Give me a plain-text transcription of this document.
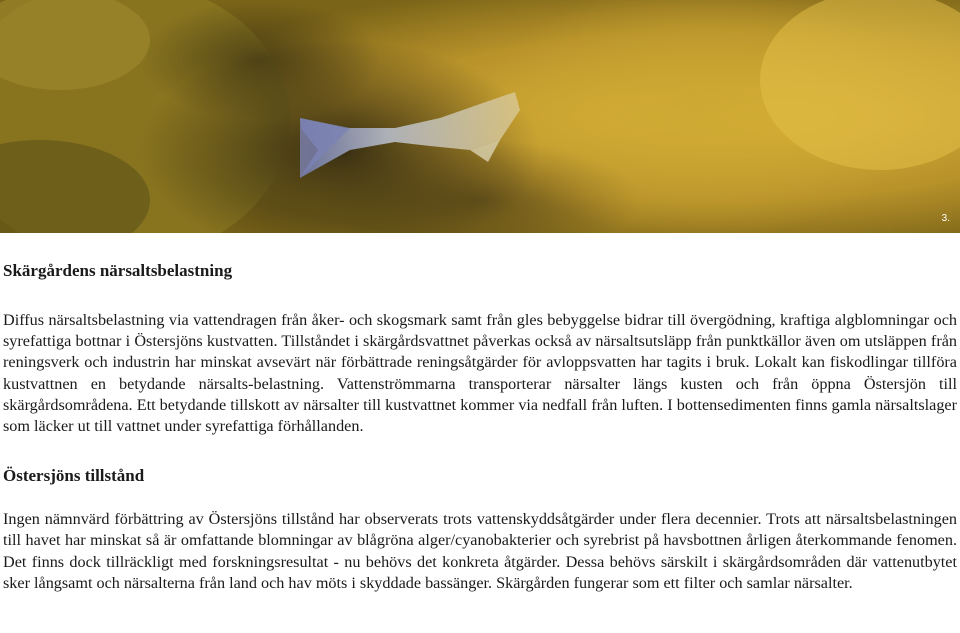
3.
Skärgårdens närsaltsbelastning

Diffus närsaltsbelastning via vattendragen från åker- och skogsmark samt från gles bebyggelse bidrar till övergödning, kraftiga algblomningar och syrefattiga bottnar i Östersjöns kustvatten. Tillståndet i skärgårdsvattnet påverkas också av närsaltsutsläpp från punktkällor även om utsläppen från reningsverk och industrin har minskat avsevärt när förbättrade reningsåtgärder för avloppsvatten har tagits i bruk. Lokalt kan fiskodlingar tillföra kustvattnen en betydande närsalts-belastning. Vattenströmmarna transporterar närsalter längs kusten och från öppna Östersjön till skärgårdsområdena. Ett betydande tillskott av närsalter till kustvattnet kommer via nedfall från luften. I bottensedimenten finns gamla närsaltslager som läcker ut till vattnet under syrefattiga förhållanden.

Östersjöns tillstånd

Ingen nämnvärd förbättring av Östersjöns tillstånd har observerats trots vattenskyddsåtgärder under flera decennier. Trots att närsaltsbelastningen till havet har minskat så är omfattande blomningar av blågröna alger/cyanobakterier och syrebrist på havsbottnen årligen återkommande fenomen. Det finns dock tillräckligt med forskningsresultat - nu behövs det konkreta åtgärder. Dessa behövs särskilt i skärgårdsområden där vattenutbytet sker långsamt och närsalterna från land och hav möts i skyddade bassänger. Skärgården fungerar som ett filter och samlar närsalter.
